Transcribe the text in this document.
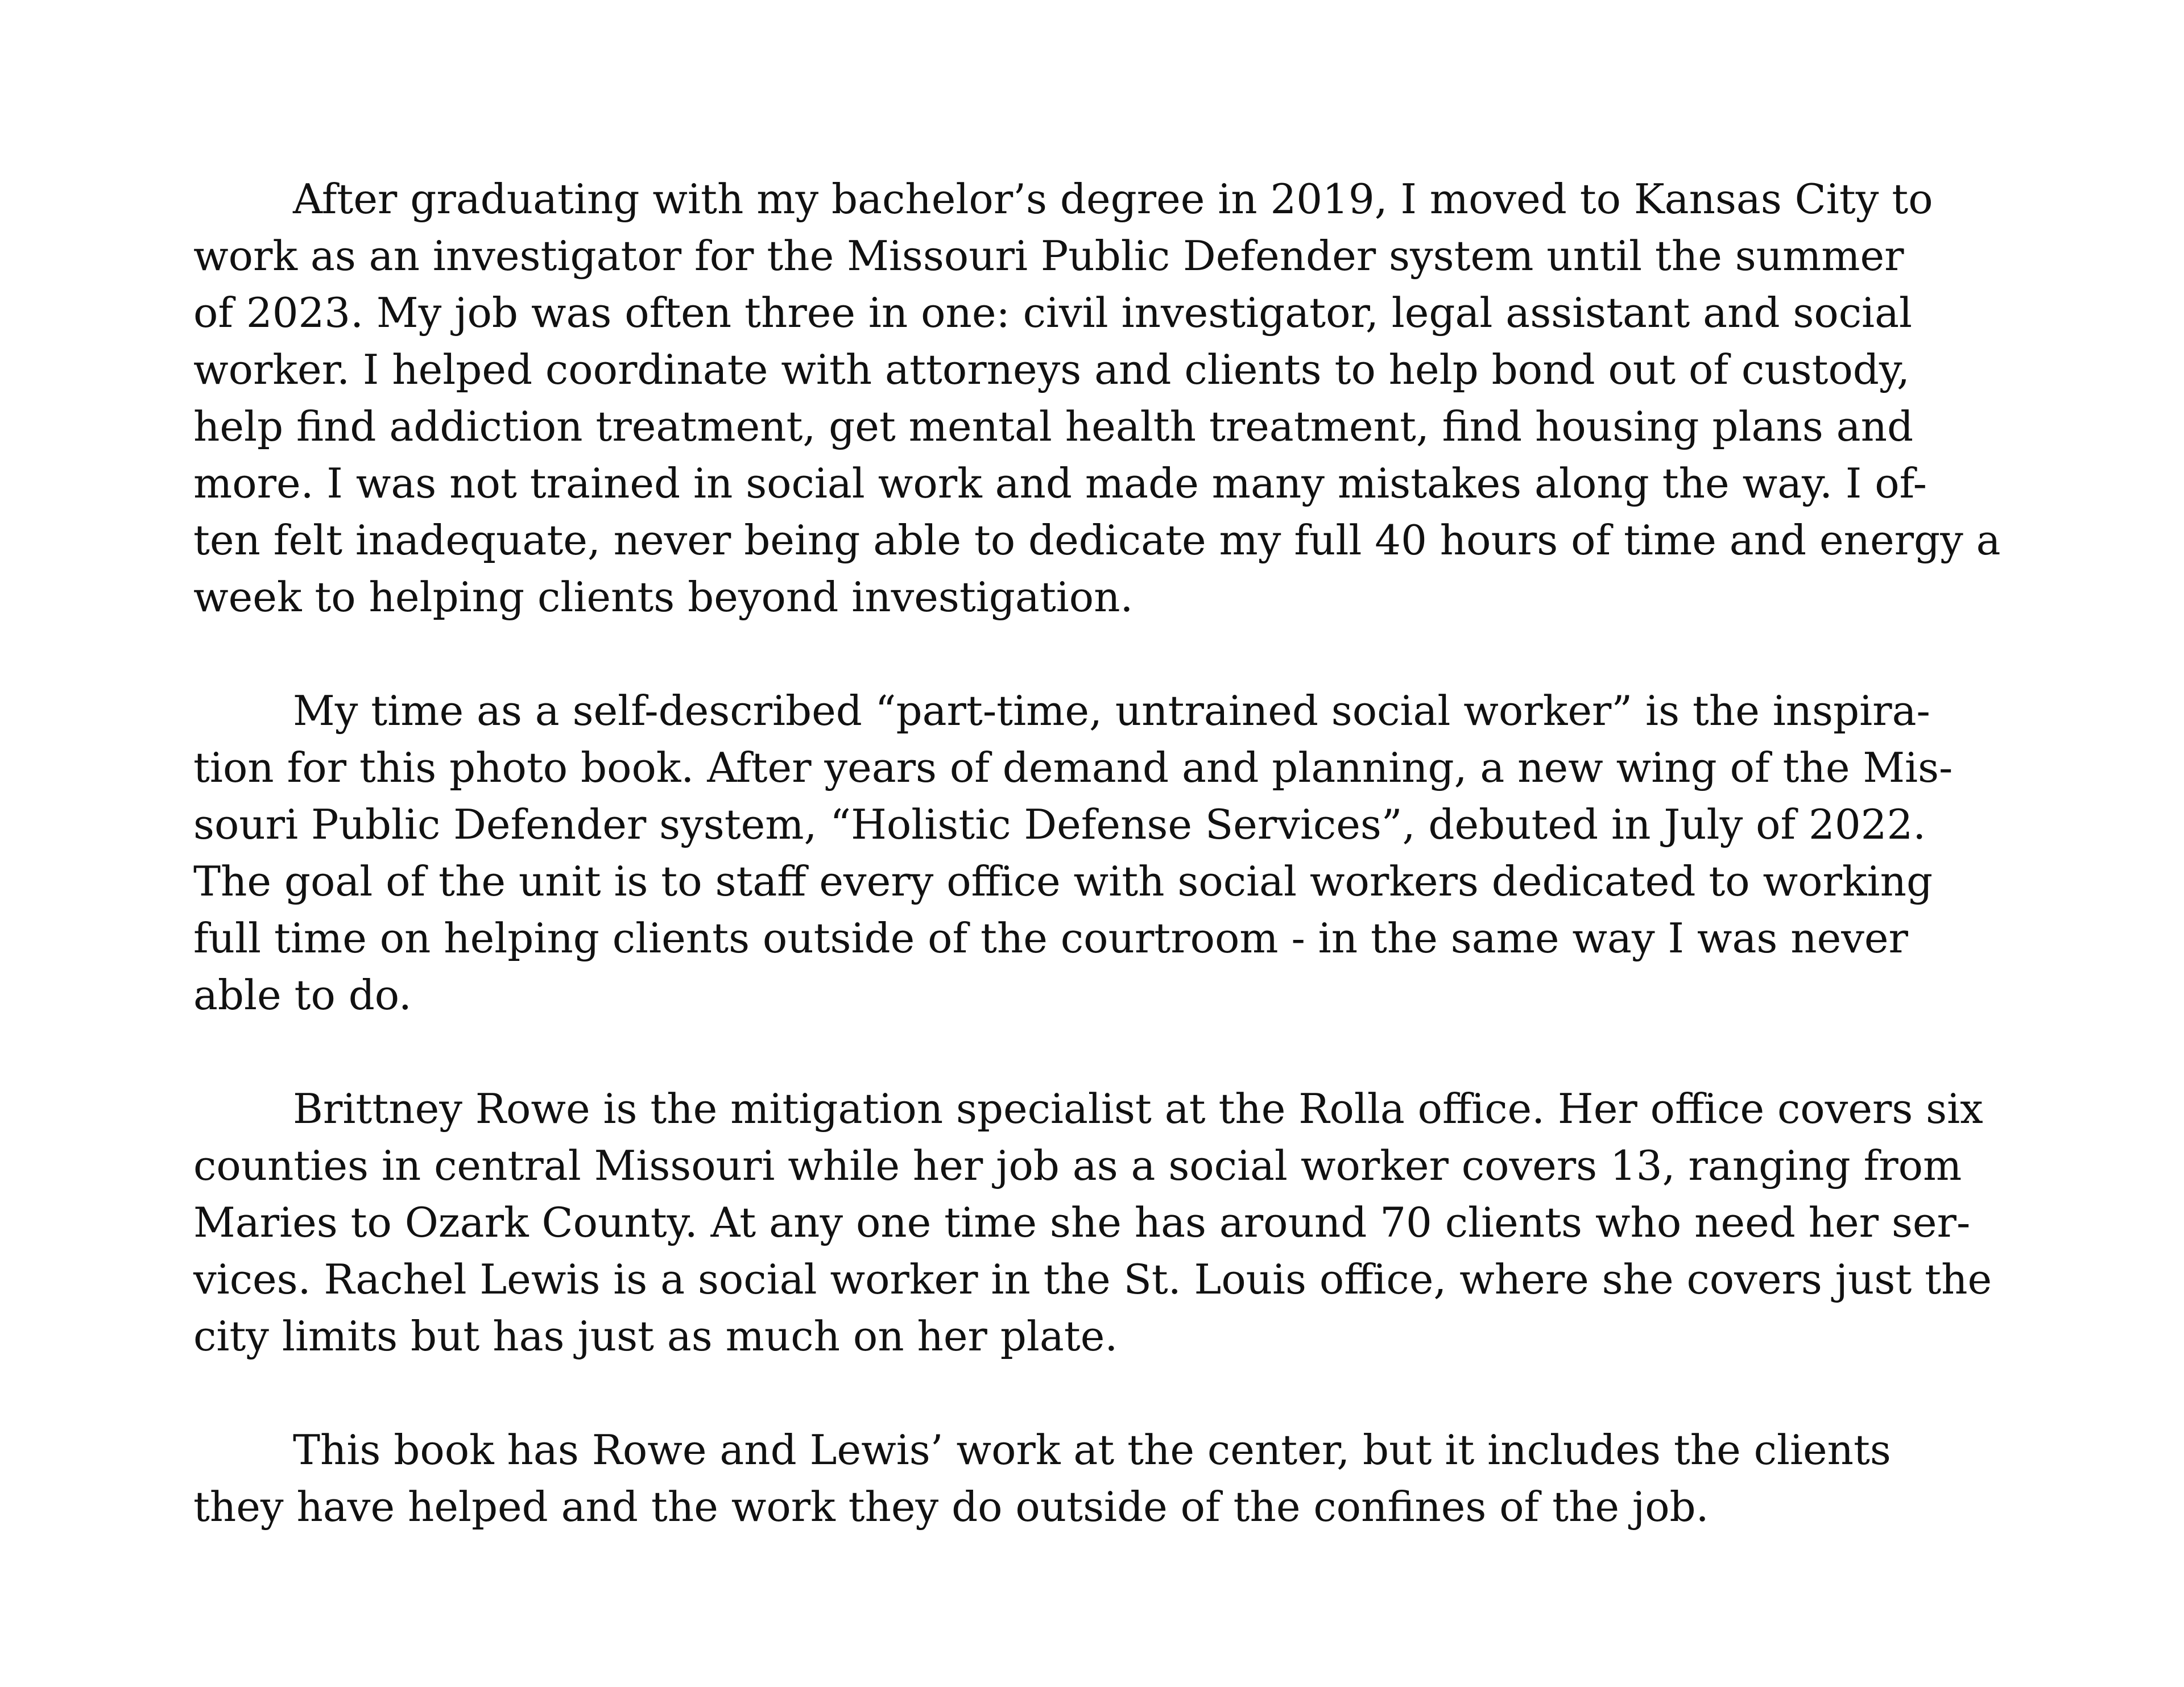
After graduating with my bachelor’s degree in 2019, I moved to Kansas City to
work as an investigator for the Missouri Public Defender system until the summer
of 2023. My job was often three in one: civil investigator, legal assistant and social
worker. I helped coordinate with attorneys and clients to help bond out of custody,
help find addiction treatment, get mental health treatment, find housing plans and
more. I was not trained in social work and made many mistakes along the way. I of-
ten felt inadequate, never being able to dedicate my full 40 hours of time and energy a
week to helping clients beyond investigation.

My time as a self-described “part-time, untrained social worker” is the inspira-
tion for this photo book. After years of demand and planning, a new wing of the Mis-
souri Public Defender system, “Holistic Defense Services”, debuted in July of 2022.
The goal of the unit is to staff every office with social workers dedicated to working
full time on helping clients outside of the courtroom - in the same way I was never
able to do.

Brittney Rowe is the mitigation specialist at the Rolla office. Her office covers six
counties in central Missouri while her job as a social worker covers 13, ranging from
Maries to Ozark County. At any one time she has around 70 clients who need her ser-
vices. Rachel Lewis is a social worker in the St. Louis office, where she covers just the
city limits but has just as much on her plate.

This book has Rowe and Lewis’ work at the center, but it includes the clients
they have helped and the work they do outside of the confines of the job.
